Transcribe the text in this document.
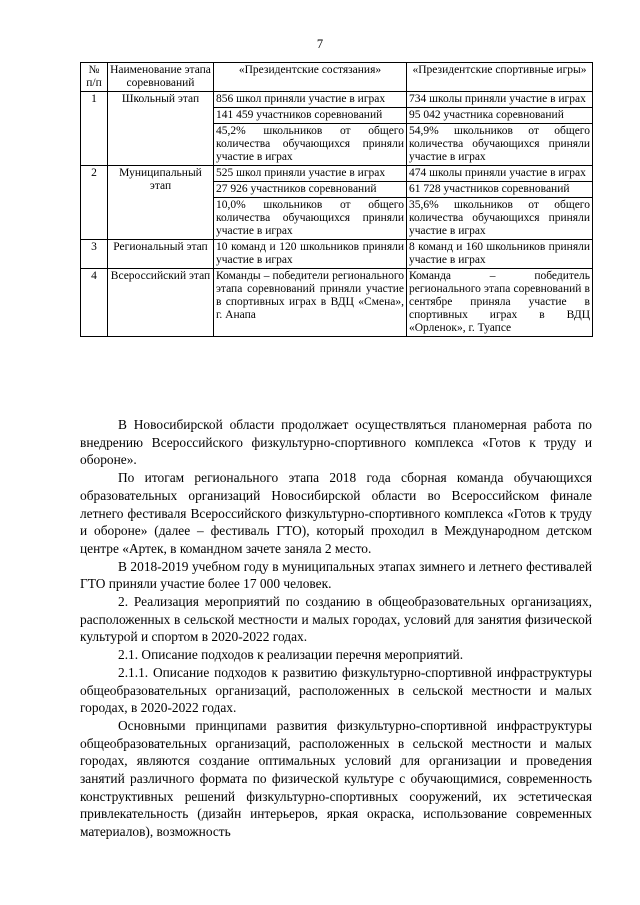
7
№ п/п	Наименование этапа соревнований	«Президентские состязания»	«Президентские спортивные игры»
1	Школьный этап	856 школ приняли участие в играх	734 школы приняли участие в играх
		141 459 участников соревнований	95 042 участника соревнований
		45,2% школьников от общего количества обучающихся приняли участие в играх	54,9% школьников от общего количества обучающихся приняли участие в играх
2	Муниципальный этап	525 школ приняли участие в играх	474 школы приняли участие в играх
		27 926 участников соревнований	61 728 участников соревнований
		10,0% школьников от общего количества обучающихся приняли участие в играх	35,6% школьников от общего количества обучающихся приняли участие в играх
3	Региональный этап	10 команд и 120 школьников приняли участие в играх	8 команд и 160 школьников приняли участие в играх
4	Всероссийский этап	Команды – победители регионального этапа соревнований приняли участие в спортивных играх в ВДЦ «Смена», г. Анапа	Команда – победитель регионального этапа соревнований в сентябре приняла участие в спортивных играх в ВДЦ «Орленок», г. Туапсе

В Новосибирской области продолжает осуществляться планомерная работа по внедрению Всероссийского физкультурно-спортивного комплекса «Готов к труду и обороне».

По итогам регионального этапа 2018 года сборная команда обучающихся образовательных организаций Новосибирской области во Всероссийском финале летнего фестиваля Всероссийского физкультурно-спортивного комплекса «Готов к труду и обороне» (далее – фестиваль ГТО), который проходил в Международном детском центре «Артек, в командном зачете заняла 2 место.

В 2018-2019 учебном году в муниципальных этапах зимнего и летнего фестивалей ГТО приняли участие более 17 000 человек.

2. Реализация мероприятий по созданию в общеобразовательных организациях, расположенных в сельской местности и малых городах, условий для занятия физической культурой и спортом в 2020-2022 годах.

2.1. Описание подходов к реализации перечня мероприятий.

2.1.1. Описание подходов к развитию физкультурно-спортивной инфраструктуры общеобразовательных организаций, расположенных в сельской местности и малых городах, в 2020-2022 годах.

Основными принципами развития физкультурно-спортивной инфраструктуры общеобразовательных организаций, расположенных в сельской местности и малых городах, являются создание оптимальных условий для организации и проведения занятий различного формата по физической культуре с обучающимися, современность конструктивных решений физкультурно-спортивных сооружений, их эстетическая привлекательность (дизайн интерьеров, яркая окраска, использование современных материалов), возможность
